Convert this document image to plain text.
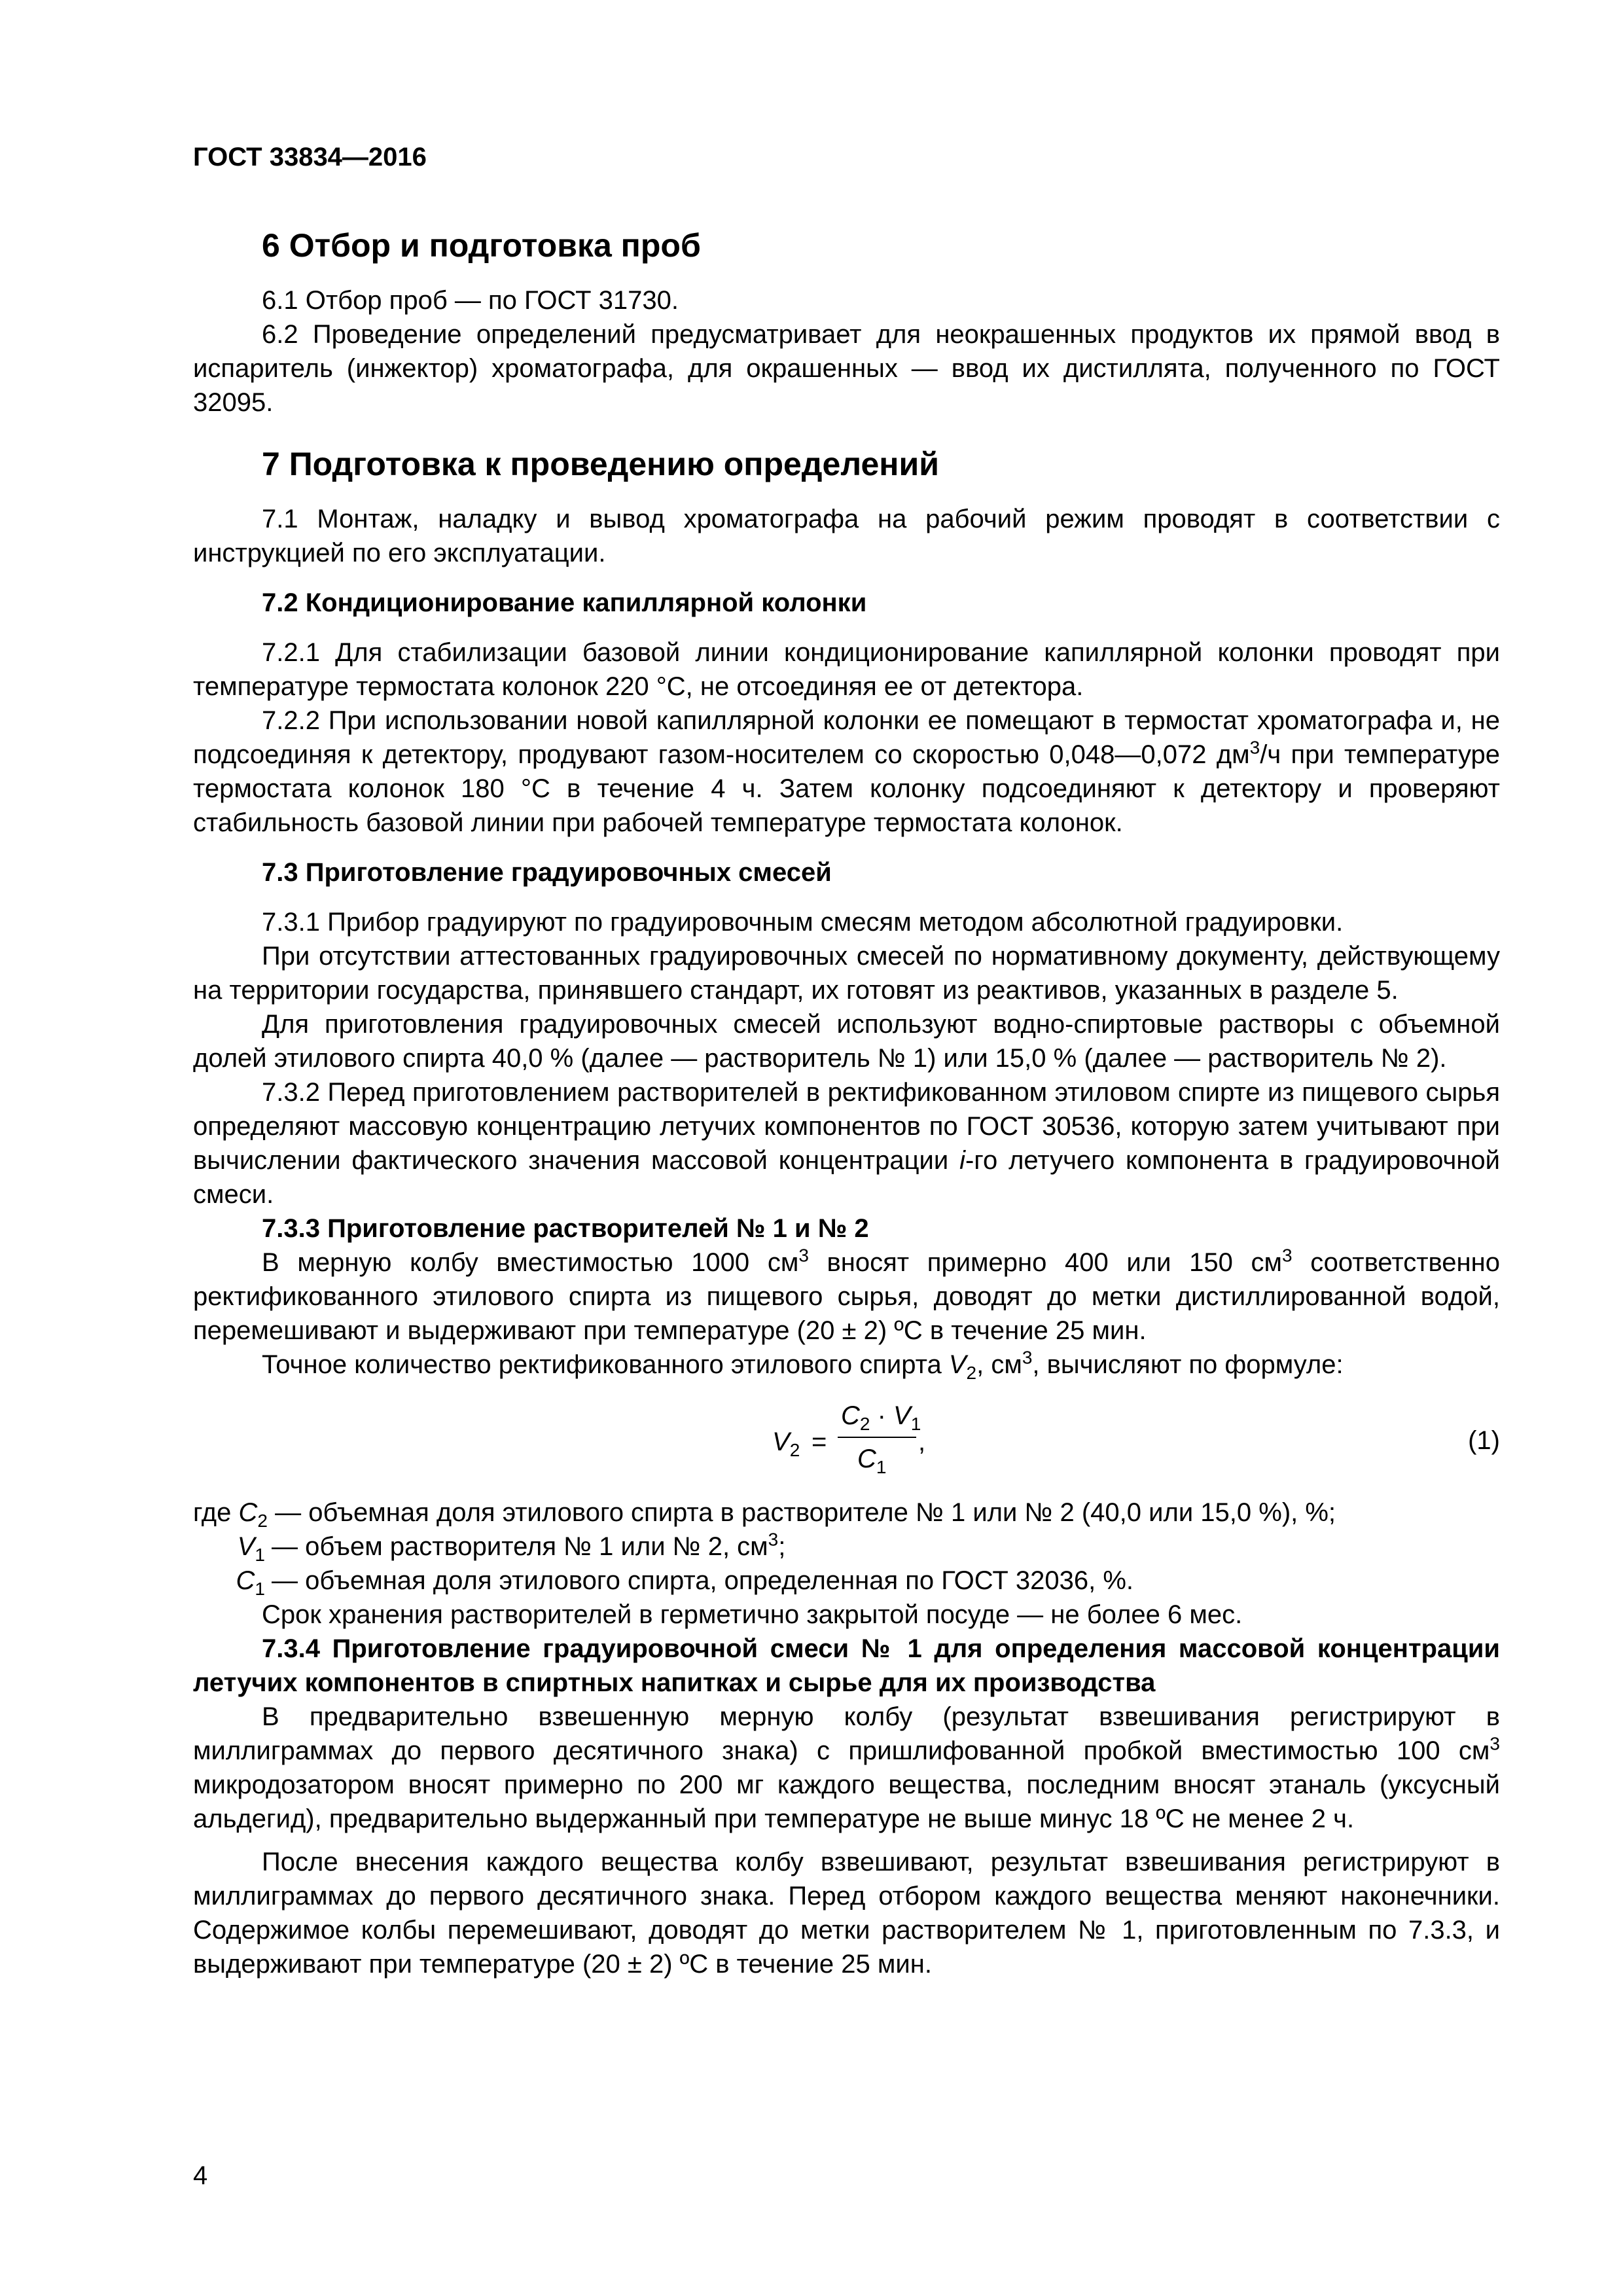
ГОСТ 33834—2016
6 Отбор и подготовка проб

6.1 Отбор проб — по ГОСТ 31730.

6.2 Проведение определений предусматривает для неокрашенных продуктов их прямой ввод в испаритель (инжектор) хроматографа, для окрашенных — ввод их дистиллята, полученного по ГОСТ 32095.

7 Подготовка к проведению определений

7.1 Монтаж, наладку и вывод хроматографа на рабочий режим проводят в соответствии с инструкцией по его эксплуатации.

7.2 Кондиционирование капиллярной колонки

7.2.1 Для стабилизации базовой линии кондиционирование капиллярной колонки проводят при температуре термостата колонок 220 °С, не отсоединяя ее от детектора.

7.2.2 При использовании новой капиллярной колонки ее помещают в термостат хроматографа и, не подсоединяя к детектору, продувают газом-носителем со скоростью 0,048—0,072 $дм^3/ч$ при температуре термостата колонок 180 °С в течение 4 ч. Затем колонку подсоединяют к детектору и проверяют стабильность базовой линии при рабочей температуре термостата колонок.

7.3 Приготовление градуировочных смесей

7.3.1 Прибор градуируют по градуировочным смесям методом абсолютной градуировки.

При отсутствии аттестованных градуировочных смесей по нормативному документу, действующему на территории государства, принявшего стандарт, их готовят из реактивов, указанных в разделе 5.

Для приготовления градуировочных смесей используют водно-спиртовые растворы с объемной долей этилового спирта 40,0 % (далее — растворитель № 1) или 15,0 % (далее — растворитель № 2).

7.3.2 Перед приготовлением растворителей в ректификованном этиловом спирте из пищевого сырья определяют массовую концентрацию летучих компонентов по ГОСТ 30536, которую затем учитывают при вычислении фактического значения массовой концентрации i-го летучего компонента в градуировочной смеси.

7.3.3 Приготовление растворителей № 1 и № 2

В мерную колбу вместимостью 1000 $см^3$ вносят примерно 400 или 150 $см^3$ соответственно ректификованного этилового спирта из пищевого сырья, доводят до метки дистиллированной водой, перемешивают и выдерживают при температуре (20 ± 2) ºС в течение 25 мин.

Точное количество ректификованного этилового спирта $V_2$, $см^3$, вычисляют по формуле:

$V_2$ =
$C_2 \cdot V_1$
$C_1$
,	(1)
где $C_2$ — объемная доля этилового спирта в растворителе № 1 или № 2 (40,0 или 15,0 %), %;
$V_1$ — объем растворителя № 1 или № 2, $см^3$;
$C_1$ — объемная доля этилового спирта, определенная по ГОСТ 32036, %.

Срок хранения растворителей в герметично закрытой посуде — не более 6 мес.

7.3.4 Приготовление градуировочной смеси № 1 для определения массовой концентрации летучих компонентов в спиртных напитках и сырье для их производства

В предварительно взвешенную мерную колбу (результат взвешивания регистрируют в миллиграммах до первого десятичного знака) с пришлифованной пробкой вместимостью 100 $см^3$ микродозатором вносят примерно по 200 мг каждого вещества, последним вносят этаналь (уксусный альдегид), предварительно выдержанный при температуре не выше минус 18 ºС не менее 2 ч.

После внесения каждого вещества колбу взвешивают, результат взвешивания регистрируют в миллиграммах до первого десятичного знака. Перед отбором каждого вещества меняют наконечники. Содержимое колбы перемешивают, доводят до метки растворителем № 1, приготовленным по 7.3.3, и выдерживают при температуре (20 ± 2) ºС в течение 25 мин.

4
